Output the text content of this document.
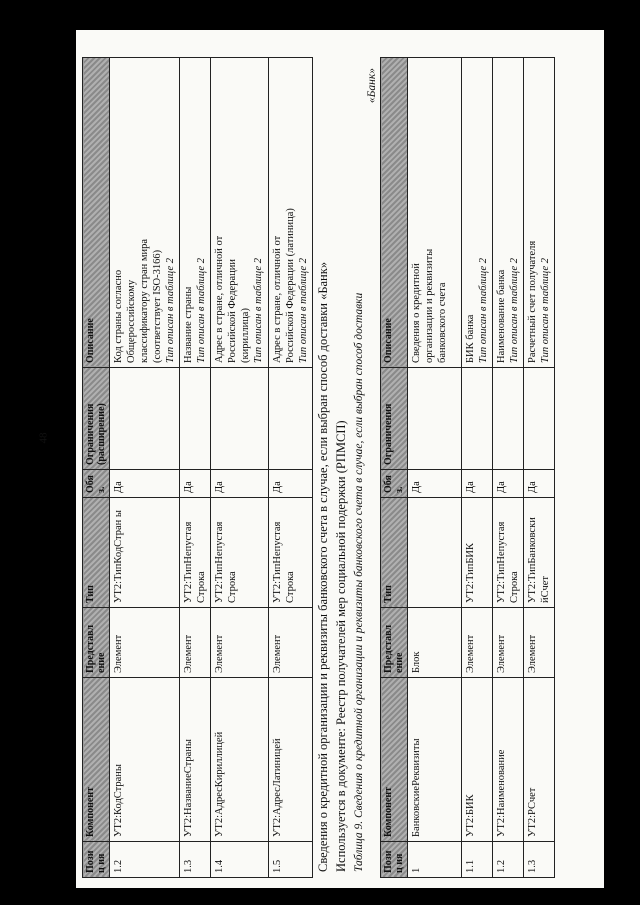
48
Позиц ия	Компонент	Представл ение	Тип	Обя з.	Ограничения (расширение)	Описание
1.2	УТ2:КодСтраны	Элемент	УТ2:ТипКодСтран ы	Да		Код страны согласно Общероссийскому классификатору стран мира (соответствует ISO-3166) Тип описан в таблице 2

1.3	УТ2:НазваниеСтраны	Элемент	УТ2:ТипНепустая Строка	Да		Название страны Тип описан в таблице 2

1.4	УТ2:АдресКириллицей	Элемент	УТ2:ТипНепустая Строка	Да		Адрес в стране, отличной от Российской Федерации (кириллица) Тип описан в таблице 2

1.5	УТ2:АдресЛатиницей	Элемент	УТ2:ТипНепустая Строка	Да		Адрес в стране, отличной от Российской Федерации (латиница) Тип описан в таблице 2 Сведения о кредитной организации и реквизиты банковского счета в случае, если выбран способ доставки «Банк» Используется в документе: Реестр получателей мер социальной подержки (РПМСП) Таблица 9. Сведения о кредитной организации и реквизиты банковского счета в случае, если выбран способ доставки
«Банк»
Позиц ия	Компонент	Представл ение	Тип	Обя з.	Ограничения	Описание
1	БанковскиеРеквизиты	Блок		Да		Сведения о кредитной организации и реквизиты банковского счета

1.1	УТ2:БИК	Элемент	УТ2:ТипБИК	Да		БИК банка Тип описан в таблице 2

1.2	УТ2:Наименование	Элемент	УТ2:ТипНепустая Строка	Да		Наименование банка Тип описан в таблице 2

1.3	УТ2:РСчет	Элемент	УТ2:ТипБанковски йСчет	Да		Расчетный счет получателя Тип описан в таблице 2
